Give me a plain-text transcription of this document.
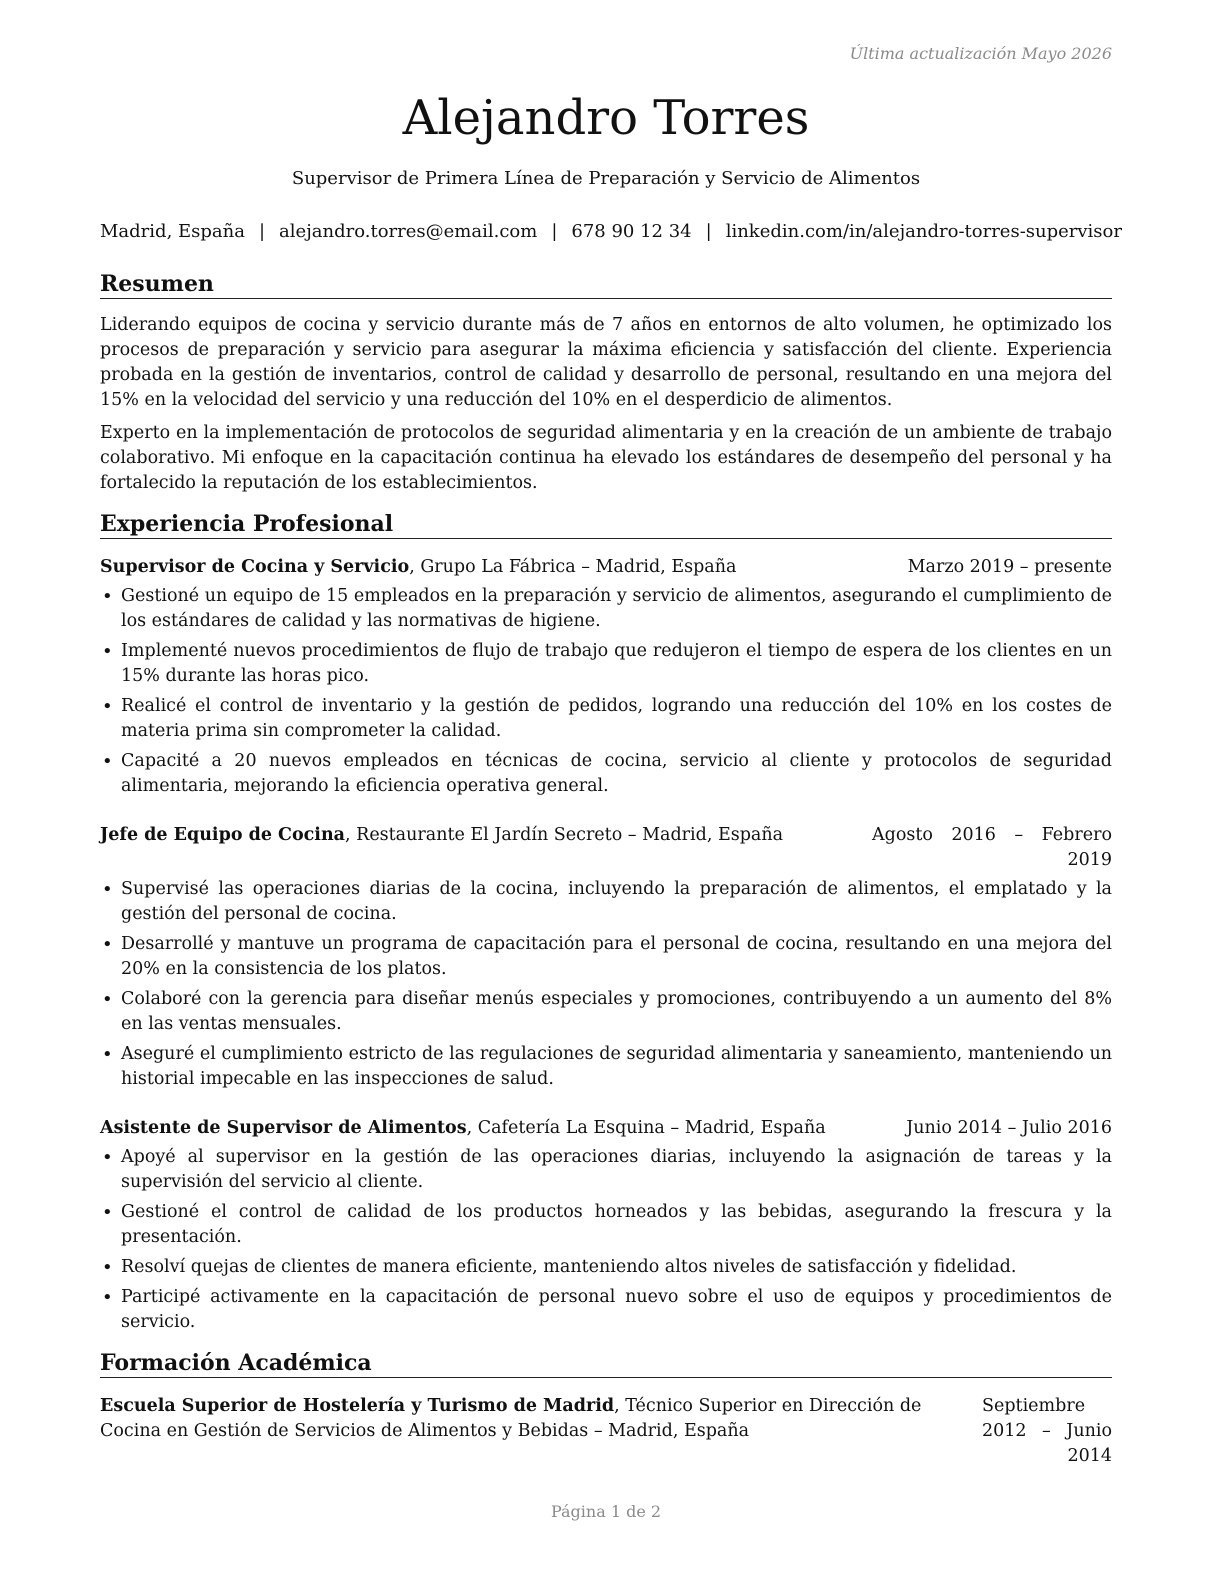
Última actualización Mayo 2026
Alejandro Torres
Supervisor de Primera Línea de Preparación y Servicio de Alimentos
Madrid, España | alejandro.torres@email.com | 678 90 12 34 | linkedin.com/in/alejandro-torres-supervisor
Resumen

Liderando equipos de cocina y servicio durante más de 7 años en entornos de alto volumen, he optimizado los procesos de preparación y servicio para asegurar la máxima eficiencia y satisfacción del cliente. Experiencia probada en la gestión de inventarios, control de calidad y desarrollo de personal, resultando en una mejora del 15% en la velocidad del servicio y una reducción del 10% en el desperdicio de alimentos.

Experto en la implementación de protocolos de seguridad alimentaria y en la creación de un ambiente de trabajo colaborativo. Mi enfoque en la capacitación continua ha elevado los estándares de desempeño del personal y ha fortalecido la reputación de los establecimientos.

Experiencia Profesional
Supervisor de Cocina y Servicio, Grupo La Fábrica – Madrid, España	Marzo 2019 – presente
• Gestioné un equipo de 15 empleados en la preparación y servicio de alimentos, asegurando el cumplimiento de los estándares de calidad y las normativas de higiene.
• Implementé nuevos procedimientos de flujo de trabajo que redujeron el tiempo de espera de los clientes en un 15% durante las horas pico.
• Realicé el control de inventario y la gestión de pedidos, logrando una reducción del 10% en los costes de materia prima sin comprometer la calidad.
• Capacité a 20 nuevos empleados en técnicas de cocina, servicio al cliente y protocolos de seguridad alimentaria, mejorando la eficiencia operativa general.
Jefe de Equipo de Cocina, Restaurante El Jardín Secreto – Madrid, España	Agosto 2016 – Febrero 2019
• Supervisé las operaciones diarias de la cocina, incluyendo la preparación de alimentos, el emplatado y la gestión del personal de cocina.
• Desarrollé y mantuve un programa de capacitación para el personal de cocina, resultando en una mejora del 20% en la consistencia de los platos.
• Colaboré con la gerencia para diseñar menús especiales y promociones, contribuyendo a un aumento del 8% en las ventas mensuales.
• Aseguré el cumplimiento estricto de las regulaciones de seguridad alimentaria y saneamiento, manteniendo un historial impecable en las inspecciones de salud.
Asistente de Supervisor de Alimentos, Cafetería La Esquina – Madrid, España	Junio 2014 – Julio 2016
• Apoyé al supervisor en la gestión de las operaciones diarias, incluyendo la asignación de tareas y la supervisión del servicio al cliente.
• Gestioné el control de calidad de los productos horneados y las bebidas, asegurando la frescura y la presentación.
• Resolví quejas de clientes de manera eficiente, manteniendo altos niveles de satisfacción y fidelidad.
• Participé activamente en la capacitación de personal nuevo sobre el uso de equipos y procedimientos de servicio.
Formación Académica
Escuela Superior de Hostelería y Turismo de Madrid, Técnico Superior en Dirección de Cocina en Gestión de Servicios de Alimentos y Bebidas – Madrid, España
Septiembre 2012 – Junio 2014
Página 1 de 2
